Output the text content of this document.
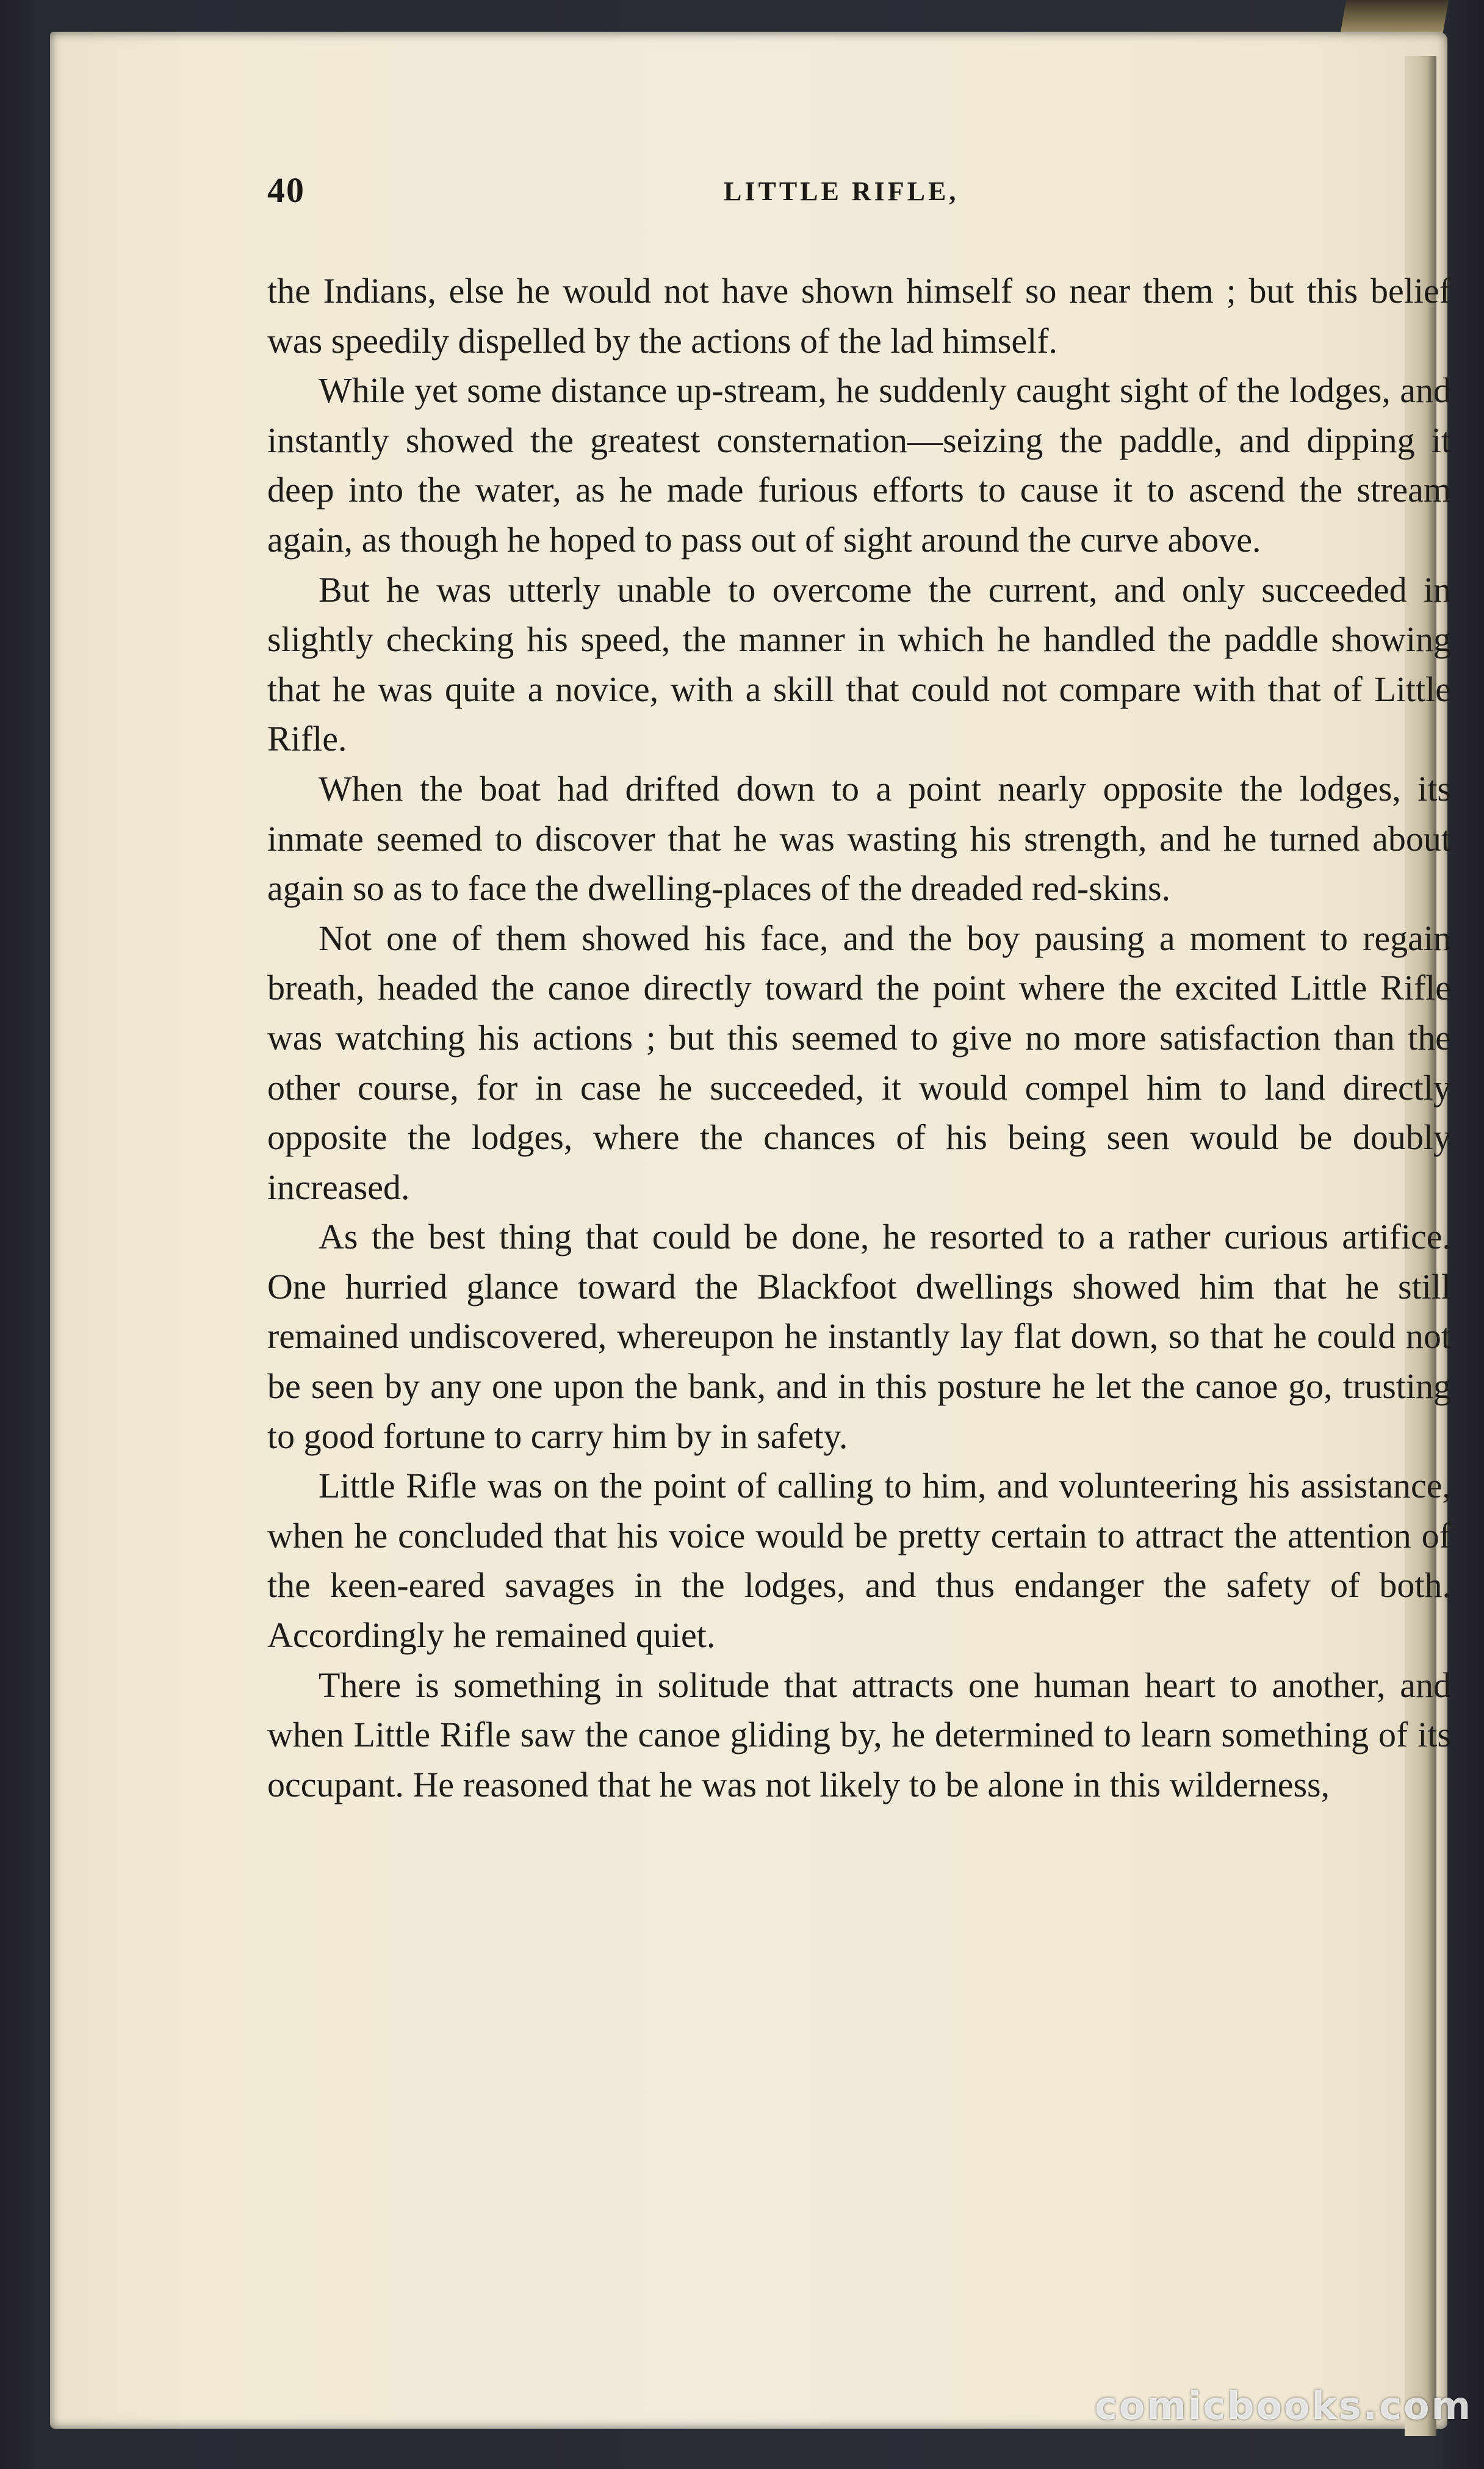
40	LITTLE RIFLE,

the Indians, else he would not have shown himself so near them ; but this belief was speedily dispelled by the actions of the lad himself.

While yet some distance up-stream, he suddenly caught sight of the lodges, and instantly showed the greatest consternation—seizing the paddle, and dipping it deep into the water, as he made furious efforts to cause it to ascend the stream again, as though he hoped to pass out of sight around the curve above.

But he was utterly unable to overcome the current, and only succeeded in slightly checking his speed, the manner in which he handled the paddle showing that he was quite a novice, with a skill that could not compare with that of Little Rifle.

When the boat had drifted down to a point nearly opposite the lodges, its inmate seemed to discover that he was wasting his strength, and he turned about again so as to face the dwelling-places of the dreaded red-skins.

Not one of them showed his face, and the boy pausing a moment to regain breath, headed the canoe directly toward the point where the excited Little Rifle was watching his actions ; but this seemed to give no more satisfaction than the other course, for in case he succeeded, it would compel him to land directly opposite the lodges, where the chances of his being seen would be doubly increased.

As the best thing that could be done, he resorted to a rather curious artifice. One hurried glance toward the Blackfoot dwellings showed him that he still remained undiscovered, whereupon he instantly lay flat down, so that he could not be seen by any one upon the bank, and in this posture he let the canoe go, trusting to good fortune to carry him by in safety.

Little Rifle was on the point of calling to him, and volunteering his assistance, when he concluded that his voice would be pretty certain to attract the attention of the keen-eared savages in the lodges, and thus endanger the safety of both. Accordingly he remained quiet.

There is something in solitude that attracts one human heart to another, and when Little Rifle saw the canoe gliding by, he determined to learn something of its occupant. He reasoned that he was not likely to be alone in this wilderness,

comicbooks.com
